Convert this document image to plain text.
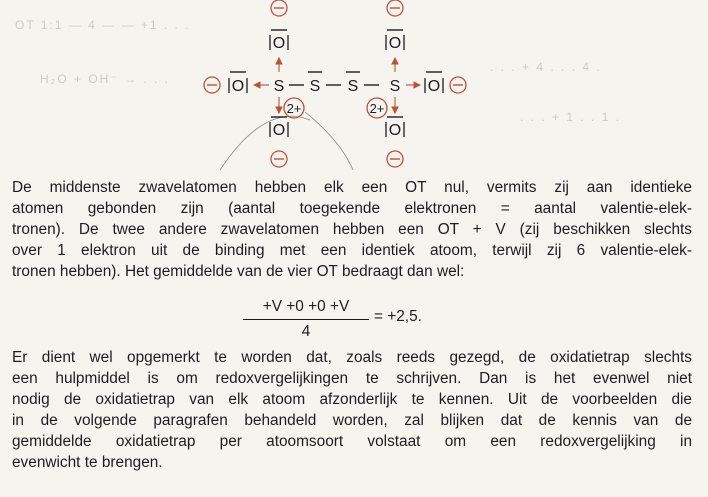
OT 1:1 — 4 — — +1 . . .
H₂O + OH⁻ → . . .
. . . + 4 . . . 4 .
. . . + 1 . . 1 .
O	O
O S S S S O
2+	2+
O	O

De middenste zwavelatomen hebben elk een OT nul, vermits zij aan identieke
atomen gebonden zijn (aantal toegekende elektronen = aantal valentie-elek-
tronen). De twee andere zwavelatomen hebben een OT + V (zij beschikken slechts
over 1 elektron uit de binding met een identiek atoom, terwijl zij 6 valentie-elek-
tronen hebben). Het gemiddelde van de vier OT bedraagt dan wel:

+V +0 +0 +V
4
= +2,5.

Er dient wel opgemerkt te worden dat, zoals reeds gezegd, de oxidatietrap slechts
een hulpmiddel is om redoxvergelijkingen te schrijven. Dan is het evenwel niet
nodig de oxidatietrap van elk atoom afzonderlijk te kennen. Uit de voorbeelden die
in de volgende paragrafen behandeld worden, zal blijken dat de kennis van de
gemiddelde oxidatietrap per atoomsoort volstaat om een redoxvergelijking in
evenwicht te brengen.
